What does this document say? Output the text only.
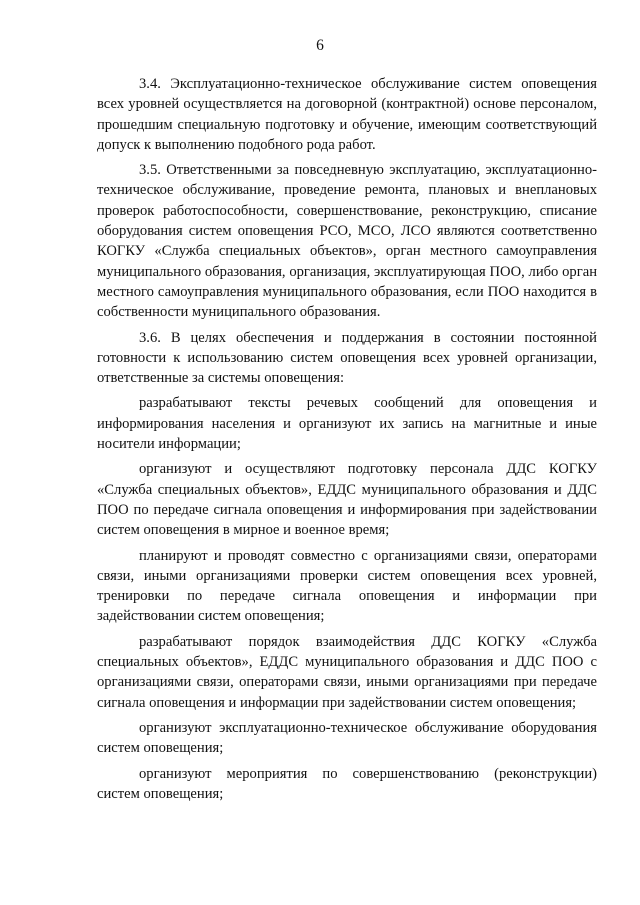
6

3.4. Эксплуатационно-техническое обслуживание систем оповещения всех уровней осуществляется на договорной (контрактной) основе персоналом, прошедшим специальную подготовку и обучение, имеющим соответствующий допуск к выполнению подобного рода работ.

3.5. Ответственными за повседневную эксплуатацию, эксплуатационно-техническое обслуживание, проведение ремонта, плановых и внеплановых проверок работоспособности, совершенствование, реконструкцию, списание оборудования систем оповещения РСО, МСО, ЛСО являются соответственно КОГКУ «Служба специальных объектов», орган местного самоуправления муниципального образования, организация, эксплуатирующая ПОО, либо орган местного самоуправления муниципального образования, если ПОО находится в собственности муниципального образования.

3.6. В целях обеспечения и поддержания в состоянии постоянной готовности к использованию систем оповещения всех уровней организации, ответственные за системы оповещения:

разрабатывают тексты речевых сообщений для оповещения и информирования населения и организуют их запись на магнитные и иные носители информации;

организуют и осуществляют подготовку персонала ДДС КОГКУ «Служба специальных объектов», ЕДДС муниципального образования и ДДС ПОО по передаче сигнала оповещения и информирования при задействовании систем оповещения в мирное и военное время;

планируют и проводят совместно с организациями связи, операторами связи, иными организациями проверки систем оповещения всех уровней, тренировки по передаче сигнала оповещения и информации при задействовании систем оповещения;

разрабатывают порядок взаимодействия ДДС КОГКУ «Служба специальных объектов», ЕДДС муниципального образования и ДДС ПОО с организациями связи, операторами связи, иными организациями при передаче сигнала оповещения и информации при задействовании систем оповещения;

организуют эксплуатационно-техническое обслуживание оборудования систем оповещения;

организуют мероприятия по совершенствованию (реконструкции) систем оповещения;
